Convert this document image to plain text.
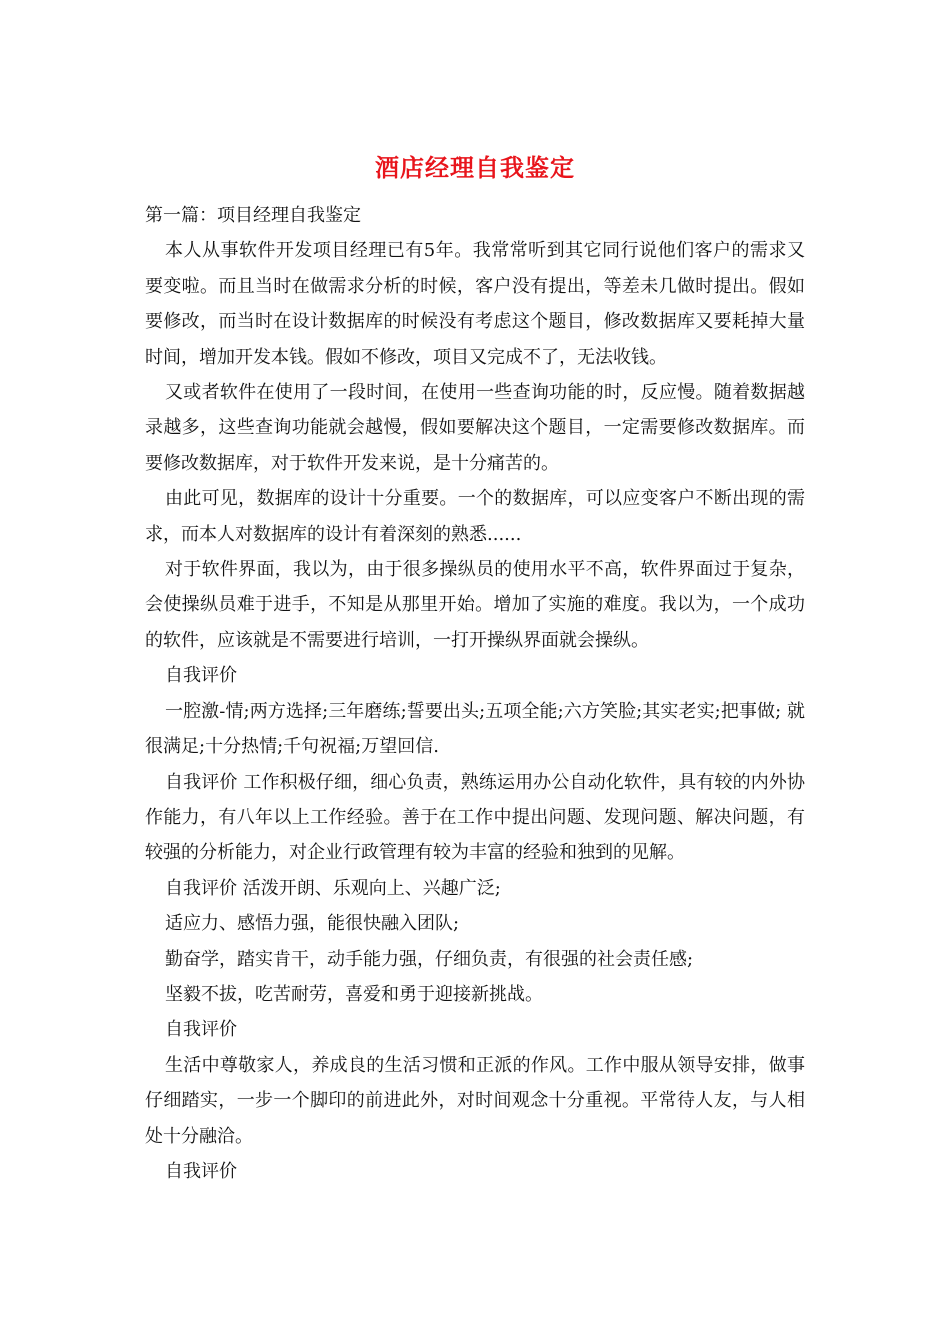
酒店经理自我鉴定

第一篇：项目经理自我鉴定

本人从事软件开发项目经理已有5年。我常常听到其它同行说他们客户的需求又要变啦。而且当时在做需求分析的时候，客户没有提出，等差未几做时提出。假如要修改，而当时在设计数据库的时候没有考虑这个题目，修改数据库又要耗掉大量时间，增加开发本钱。假如不修改，项目又完成不了，无法收钱。

又或者软件在使用了一段时间，在使用一些查询功能的时，反应慢。随着数据越录越多，这些查询功能就会越慢，假如要解决这个题目，一定需要修改数据库。而要修改数据库，对于软件开发来说，是十分痛苦的。

由此可见，数据库的设计十分重要。一个的数据库，可以应变客户不断出现的需求，而本人对数据库的设计有着深刻的熟悉......

对于软件界面，我以为，由于很多操纵员的使用水平不高，软件界面过于复杂，会使操纵员难于进手，不知是从那里开始。增加了实施的难度。我以为，一个成功的软件，应该就是不需要进行培训，一打开操纵界面就会操纵。

自我评价

一腔激-情;两方选择;三年磨练;誓要出头;五项全能;六方笑脸;其实老实;把事做; 就很满足;十分热情;千句祝福;万望回信.

自我评价 工作积极仔细，细心负责，熟练运用办公自动化软件，具有较的内外协作能力，有八年以上工作经验。善于在工作中提出问题、发现问题、解决问题，有较强的分析能力，对企业行政管理有较为丰富的经验和独到的见解。

自我评价 活泼开朗、乐观向上、兴趣广泛;

适应力、感悟力强，能很快融入团队;

勤奋学，踏实肯干，动手能力强，仔细负责，有很强的社会责任感;

坚毅不拔，吃苦耐劳，喜爱和勇于迎接新挑战。

自我评价

生活中尊敬家人，养成良的生活习惯和正派的作风。工作中服从领导安排，做事仔细踏实，一步一个脚印的前进此外，对时间观念十分重视。平常待人友，与人相处十分融洽。

自我评价
